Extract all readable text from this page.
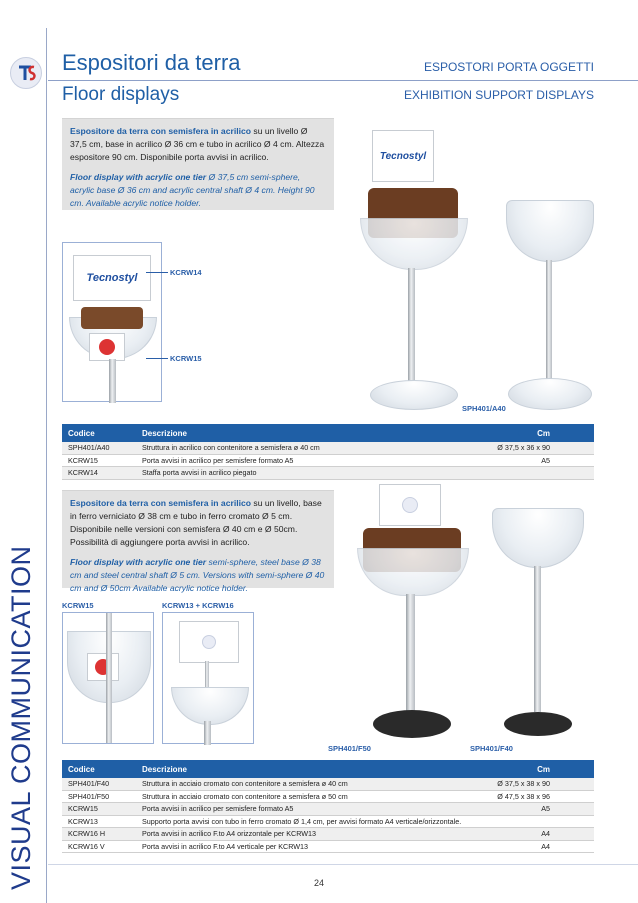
VISUAL COMMUNICATION
Espositori da terra
Floor displays
ESPOSTORI PORTA OGGETTI
EXHIBITION SUPPORT DISPLAYS

Espositore da terra con semisfera in acrilico su un livello Ø 37,5 cm, base in acrilico Ø 36 cm e tubo in acrilico Ø 4 cm. Altezza espositore 90 cm. Disponibile porta avvisi in acrilico.

Floor display with acrylic one tier Ø 37,5 cm semi-sphere, acrylic base Ø 36 cm and acrylic central shaft Ø 4 cm. Height 90 cm. Available acrylic notice holder.

Tecnostyl	KCRW14
KCRW15
Tecnostyl
SPH401/A40
Codice	Descrizione	Cm
SPH401/A40	Struttura in acrilico con contenitore a semisfera ø 40 cm	Ø 37,5 x 36 x 90
KCRW15	Porta avvisi in acrilico per semisfere formato A5	A5
KCRW14	Staffa porta avvisi in acrilico piegato	

Espositore da terra con semisfera in acrilico su un livello, base in ferro verniciato Ø 38 cm e tubo in ferro cromato Ø 5 cm. Disponibile nelle versioni con semisfera Ø 40 cm e Ø 50cm. Possibilità di aggiungere porta avvisi in acrilico.

Floor display with acrylic one tier semi-sphere, steel base Ø 38 cm and steel central shaft Ø 5 cm. Versions with semi-sphere Ø 40 cm and Ø 50cm Available acrylic notice holder.

KCRW15	KCRW13 + KCRW16
SPH401/F50	SPH401/F40
Codice	Descrizione	Cm
SPH401/F40	Struttura in acciaio cromato con contenitore a semisfera ø 40 cm	Ø 37,5 x 38 x 90
SPH401/F50	Struttura in acciaio cromato con contenitore a semisfera ø 50 cm	Ø 47,5 x 38 x 96
KCRW15	Porta avvisi in acrilico per semisfere formato A5	A5
KCRW13	Supporto porta avvisi con tubo in ferro cromato Ø 1,4 cm, per avvisi formato A4 verticale/orizzontale.	
KCRW16 H	Porta avvisi in acrilico F.to A4 orizzontale per KCRW13	A4
KCRW16 V	Porta avvisi in acrilico F.to A4 verticale per KCRW13	A4
24
